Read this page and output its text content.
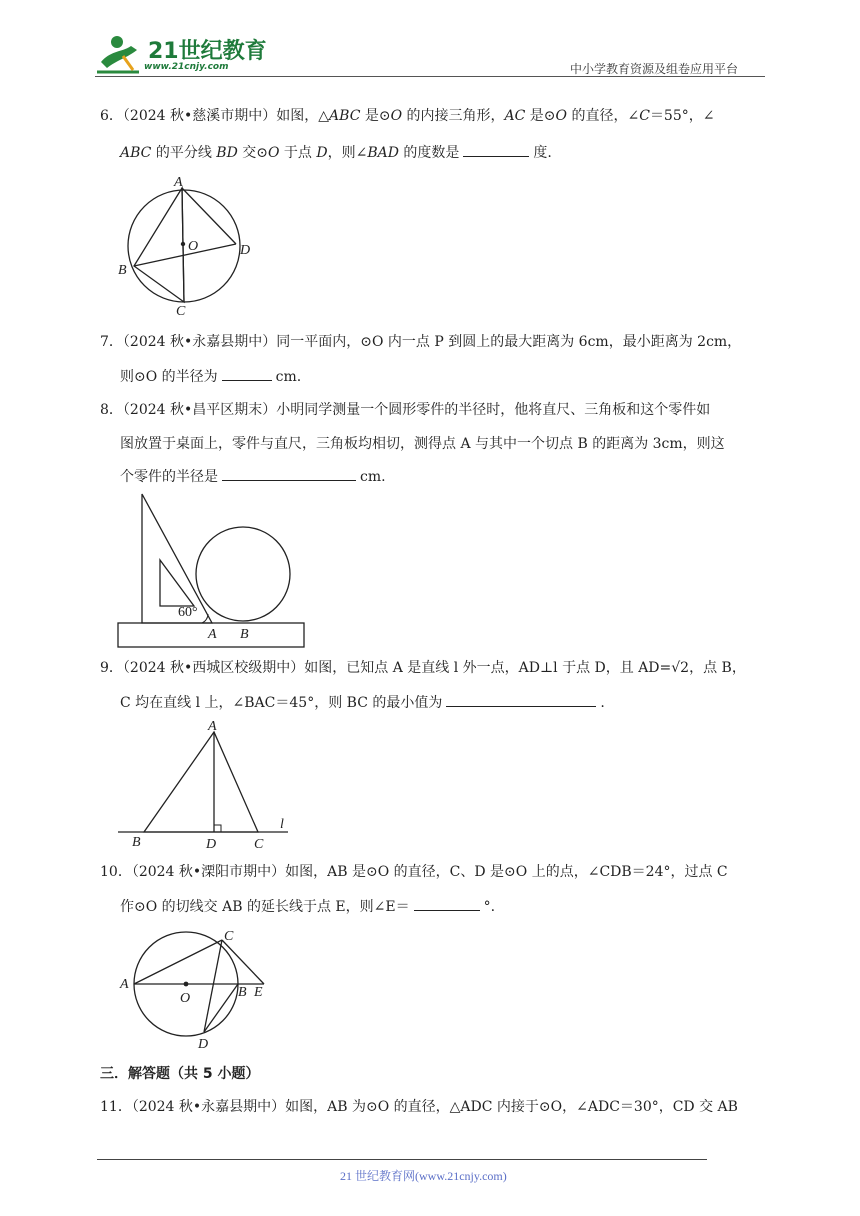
21世纪教育
www.21cnjy.com	中小学教育资源及组卷应用平台
6．（2024 秋•慈溪市期中）如图，△ABC 是⊙O 的内接三角形，AC 是⊙O 的直径，∠C＝55°，∠
ABC 的平分线 BD 交⊙O 于点 D，则∠BAD 的度数是	度.
A
O	D
B
C
7．（2024 秋•永嘉县期中）同一平面内，⊙O 内一点 P 到圆上的最大距离为 6cm，最小距离为 2cm，
则⊙O 的半径为	cm.
8．（2024 秋•昌平区期末）小明同学测量一个圆形零件的半径时，他将直尺、三角板和这个零件如
图放置于桌面上，零件与直尺，三角板均相切，测得点 A 与其中一个切点 B 的距离为 3cm，则这
个零件的半径是	cm.
60°
A B
9．（2024 秋•西城区校级期中）如图，已知点 A 是直线 l 外一点，AD⊥l 于点 D，且 AD=√2，点 B，
C 均在直线 l 上，∠BAC＝45°，则 BC 的最小值为	.
A
B	D	C
l
10．（2024 秋•溧阳市期中）如图，AB 是⊙O 的直径，C、D 是⊙O 上的点，∠CDB＝24°，过点 C
作⊙O 的切线交 AB 的延长线于点 E，则∠E＝	°.
A
O
C
B E
D
三．解答题（共 5 小题）
11．（2024 秋•永嘉县期中）如图，AB 为⊙O 的直径，△ADC 内接于⊙O，∠ADC＝30°，CD 交 AB
21 世纪教育网(www.21cnjy.com)
